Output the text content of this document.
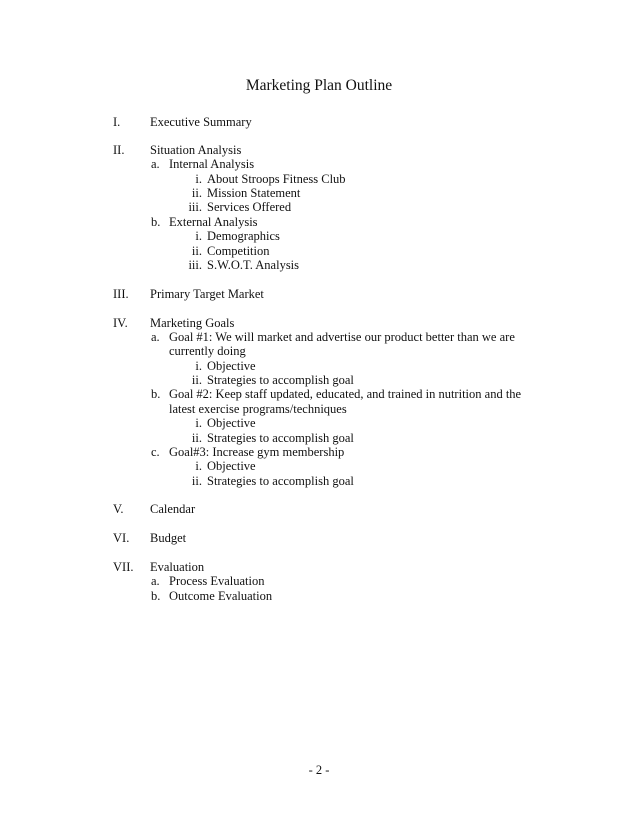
Marketing Plan Outline
I. Executive Summary
II. Situation Analysis
a. Internal Analysis
i. About Stroops Fitness Club
ii. Mission Statement
iii. Services Offered
b. External Analysis
i. Demographics
ii. Competition
iii. S.W.O.T. Analysis
III. Primary Target Market
IV. Marketing Goals
a. Goal #1: We will market and advertise our product better than we are
currently doing
i. Objective
ii. Strategies to accomplish goal
b. Goal #2: Keep staff updated, educated, and trained in nutrition and the
latest exercise programs/techniques
i. Objective
ii. Strategies to accomplish goal
c. Goal#3: Increase gym membership
i. Objective
ii. Strategies to accomplish goal
V. Calendar
VI. Budget
VII. Evaluation
a. Process Evaluation
b. Outcome Evaluation
- 2 -
